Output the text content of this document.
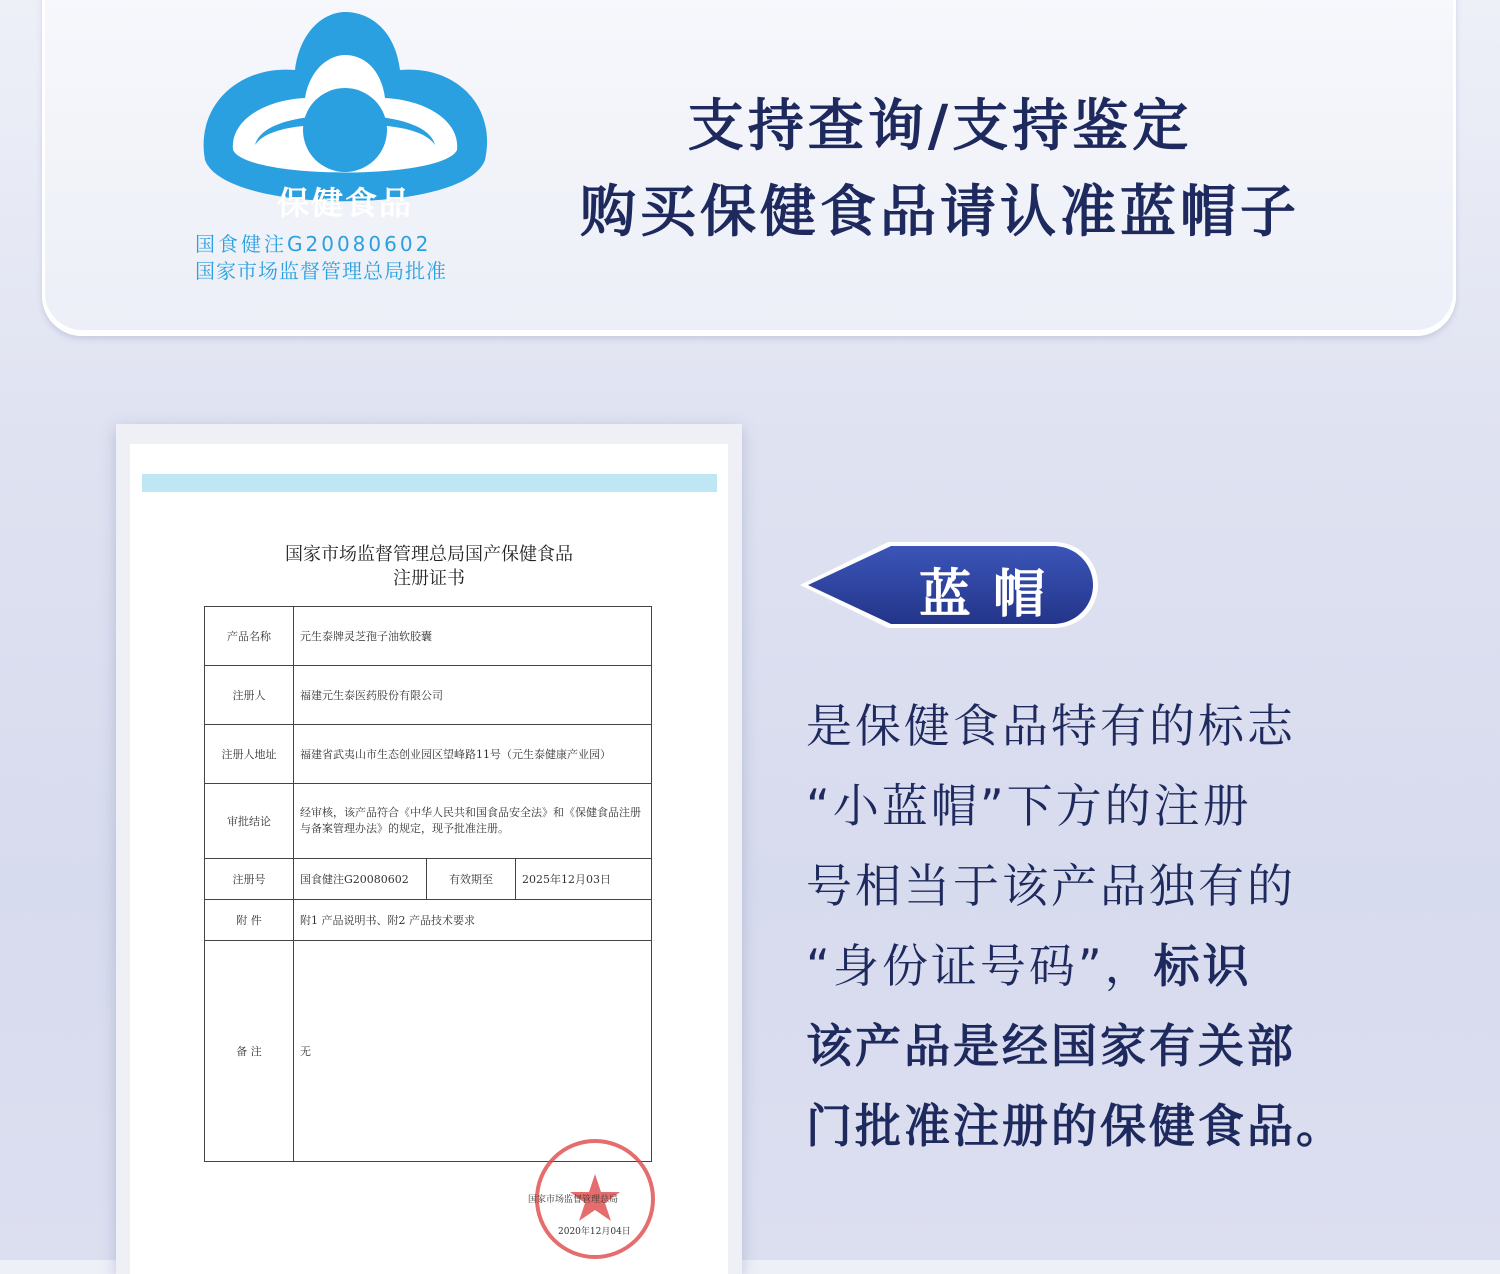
保健食品
国食健注G20080602
国家市场监督管理总局批准
支持查询/支持鉴定
购买保健食品请认准蓝帽子
国家市场监督管理总局国产保健食品
注册证书
产品名称	元生泰牌灵芝孢子油软胶囊		
注册人	福建元生泰医药股份有限公司		
注册人地址	福建省武夷山市生态创业园区望峰路11号（元生泰健康产业园）		
审批结论	经审核，该产品符合《中华人民共和国食品安全法》和《保健食品注册与备案管理办法》的规定，现予批准注册。		
注册号	国食健注G20080602	有效期至	2025年12月03日
附 件	附1 产品说明书、附2 产品技术要求		
备 注	无		
国家市场监督管理总局
2020年12月04日
蓝帽
是保健食品特有的标志
“小蓝帽”下方的注册
号相当于该产品独有的
“身份证号码”，标识
该产品是经国家有关部
门批准注册的保健食品。
